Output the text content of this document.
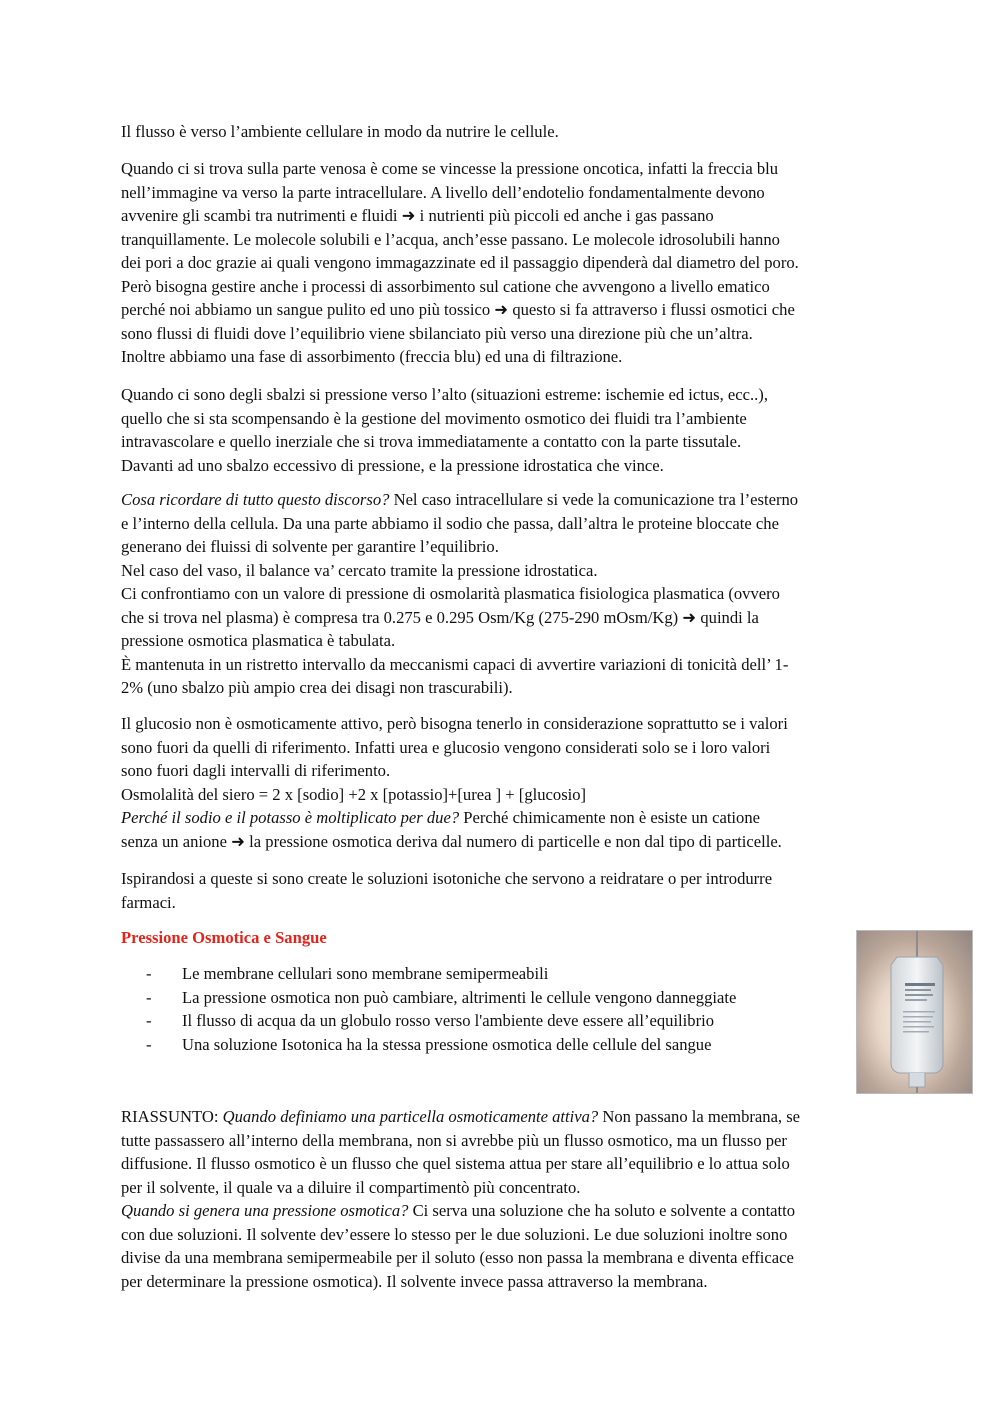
Il flusso è verso l’ambiente cellulare in modo da nutrire le cellule.
Quando ci si trova sulla parte venosa è come se vincesse la pressione oncotica, infatti la freccia blu
nell’immagine va verso la parte intracellulare. A livello dell’endotelio fondamentalmente devono
avvenire gli scambi tra nutrimenti e fluidi ➜ i nutrienti più piccoli ed anche i gas passano
tranquillamente. Le molecole solubili e l’acqua, anch’esse passano. Le molecole idrosolubili hanno
dei pori a doc grazie ai quali vengono immagazzinate ed il passaggio dipenderà dal diametro del poro.
Però bisogna gestire anche i processi di assorbimento sul catione che avvengono a livello ematico
perché noi abbiamo un sangue pulito ed uno più tossico ➜ questo si fa attraverso i flussi osmotici che
sono flussi di fluidi dove l’equilibrio viene sbilanciato più verso una direzione più che un’altra.
Inoltre abbiamo una fase di assorbimento (freccia blu) ed una di filtrazione.
Quando ci sono degli sbalzi si pressione verso l’alto (situazioni estreme: ischemie ed ictus, ecc..),
quello che si sta scompensando è la gestione del movimento osmotico dei fluidi tra l’ambiente
intravascolare e quello inerziale che si trova immediatamente a contatto con la parte tissutale.
Davanti ad uno sbalzo eccessivo di pressione, e la pressione idrostatica che vince.
Cosa ricordare di tutto questo discorso? Nel caso intracellulare si vede la comunicazione tra l’esterno
e l’interno della cellula. Da una parte abbiamo il sodio che passa, dall’altra le proteine bloccate che
generano dei fluissi di solvente per garantire l’equilibrio.
Nel caso del vaso, il balance va’ cercato tramite la pressione idrostatica.
Ci confrontiamo con un valore di pressione di osmolarità plasmatica fisiologica plasmatica (ovvero
che si trova nel plasma) è compresa tra 0.275 e 0.295 Osm/Kg (275-290 mOsm/Kg) ➜ quindi la
pressione osmotica plasmatica è tabulata.
È mantenuta in un ristretto intervallo da meccanismi capaci di avvertire variazioni di tonicità dell’ 1-
2% (uno sbalzo più ampio crea dei disagi non trascurabili).
Il glucosio non è osmoticamente attivo, però bisogna tenerlo in considerazione soprattutto se i valori
sono fuori da quelli di riferimento. Infatti urea e glucosio vengono considerati solo se i loro valori
sono fuori dagli intervalli di riferimento.
Osmolalità del siero = 2 x [sodio] +2 x [potassio]+[urea ] + [glucosio]
Perché il sodio e il potasso è moltiplicato per due? Perché chimicamente non è esiste un catione
senza un anione ➜ la pressione osmotica deriva dal numero di particelle e non dal tipo di particelle.
Ispirandosi a queste si sono create le soluzioni isotoniche che servono a reidratare o per introdurre
farmaci.
Pressione Osmotica e Sangue
- Le membrane cellulari sono membrane semipermeabili
- La pressione osmotica non può cambiare, altrimenti le cellule vengono danneggiate
- Il flusso di acqua da un globulo rosso verso l'ambiente deve essere all’equilibrio
- Una soluzione Isotonica ha la stessa pressione osmotica delle cellule del sangue
RIASSUNTO: Quando definiamo una particella osmoticamente attiva? Non passano la membrana, se
tutte passassero all’interno della membrana, non si avrebbe più un flusso osmotico, ma un flusso per
diffusione. Il flusso osmotico è un flusso che quel sistema attua per stare all’equilibrio e lo attua solo
per il solvente, il quale va a diluire il compartimentò più concentrato.
Quando si genera una pressione osmotica? Ci serva una soluzione che ha soluto e solvente a contatto
con due soluzioni. Il solvente dev’essere lo stesso per le due soluzioni. Le due soluzioni inoltre sono
divise da una membrana semipermeabile per il soluto (esso non passa la membrana e diventa efficace
per determinare la pressione osmotica). Il solvente invece passa attraverso la membrana.
